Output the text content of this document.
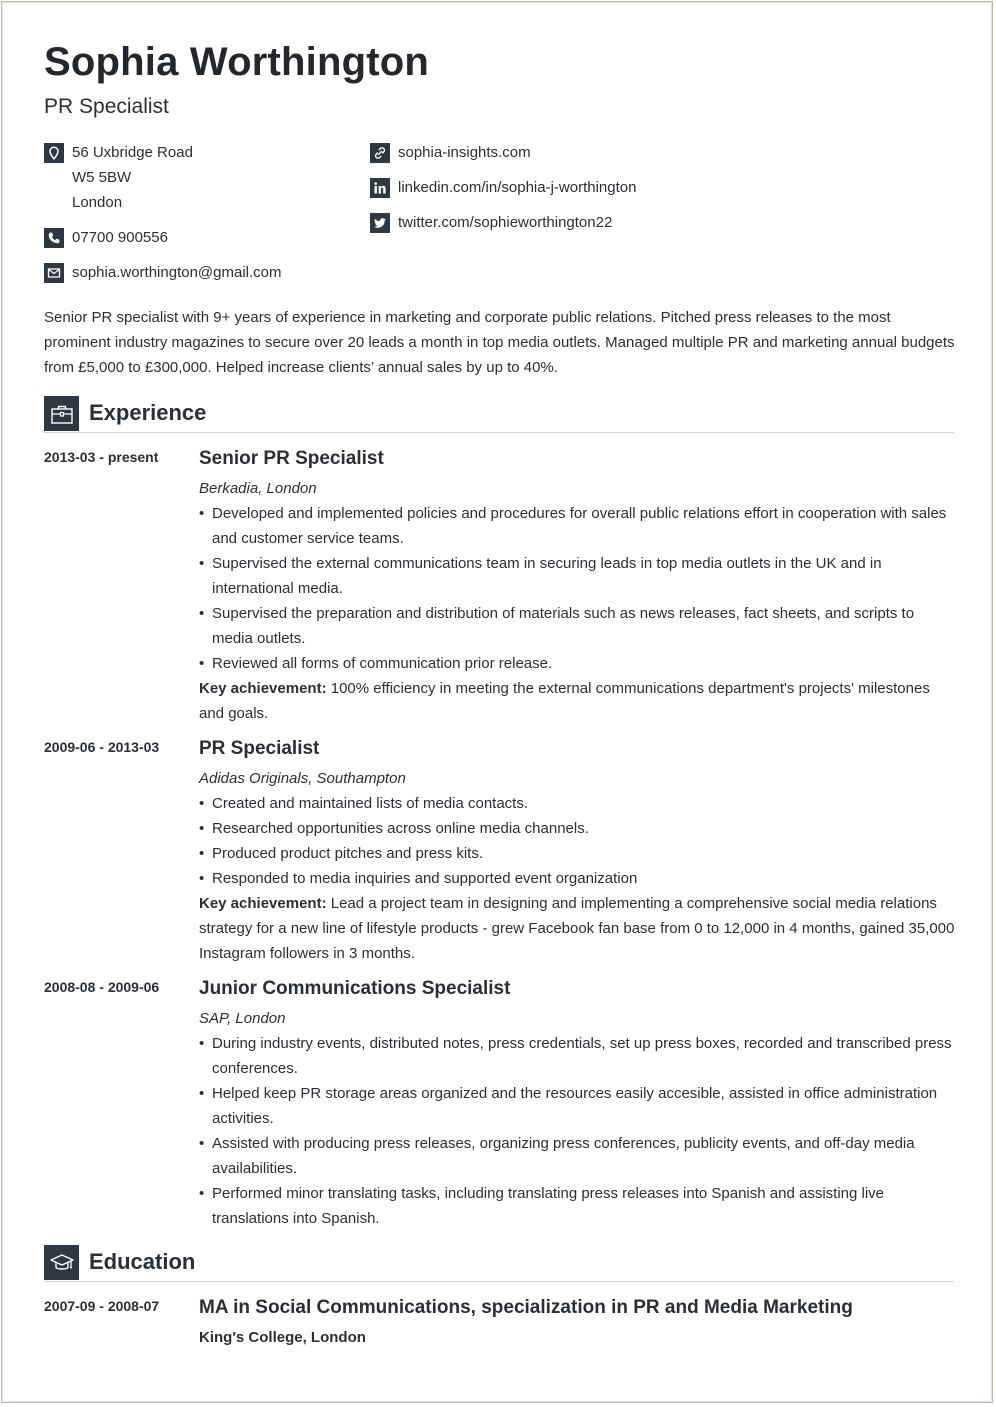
Sophia Worthington
PR Specialist
56 Uxbridge Road
W5 5BW
London
07700 900556
sophia.worthington@gmail.com
sophia-insights.com
linkedin.com/in/sophia-j-worthington
twitter.com/sophieworthington22
Senior PR specialist with 9+ years of experience in marketing and corporate public relations. Pitched press releases to the most prominent industry magazines to secure over 20 leads a month in top media outlets. Managed multiple PR and marketing annual budgets from £5,000 to £300,000. Helped increase clients’ annual sales by up to 40%.
Experience
2013-03 - present Senior PR Specialist
Berkadia, London
• Developed and implemented policies and procedures for overall public relations effort in cooperation with sales and customer service teams.
• Supervised the external communications team in securing leads in top media outlets in the UK and in international media.
• Supervised the preparation and distribution of materials such as news releases, fact sheets, and scripts to media outlets.
• Reviewed all forms of communication prior release.
Key achievement: 100% efficiency in meeting the external communications department's projects' milestones and goals.
2009-06 - 2013-03 PR Specialist
Adidas Originals, Southampton
• Created and maintained lists of media contacts.
• Researched opportunities across online media channels.
• Produced product pitches and press kits.
• Responded to media inquiries and supported event organization
Key achievement: Lead a project team in designing and implementing a comprehensive social media relations strategy for a new line of lifestyle products - grew Facebook fan base from 0 to 12,000 in 4 months, gained 35,000 Instagram followers in 3 months.
2008-08 - 2009-06 Junior Communications Specialist
SAP, London
• During industry events, distributed notes, press credentials, set up press boxes, recorded and transcribed press conferences.
• Helped keep PR storage areas organized and the resources easily accesible, assisted in office administration activities.
• Assisted with producing press releases, organizing press conferences, publicity events, and off-day media availabilities.
• Performed minor translating tasks, including translating press releases into Spanish and assisting live translations into Spanish.
Education
2007-09 - 2008-07 MA in Social Communications, specialization in PR and Media Marketing
King's College, London
